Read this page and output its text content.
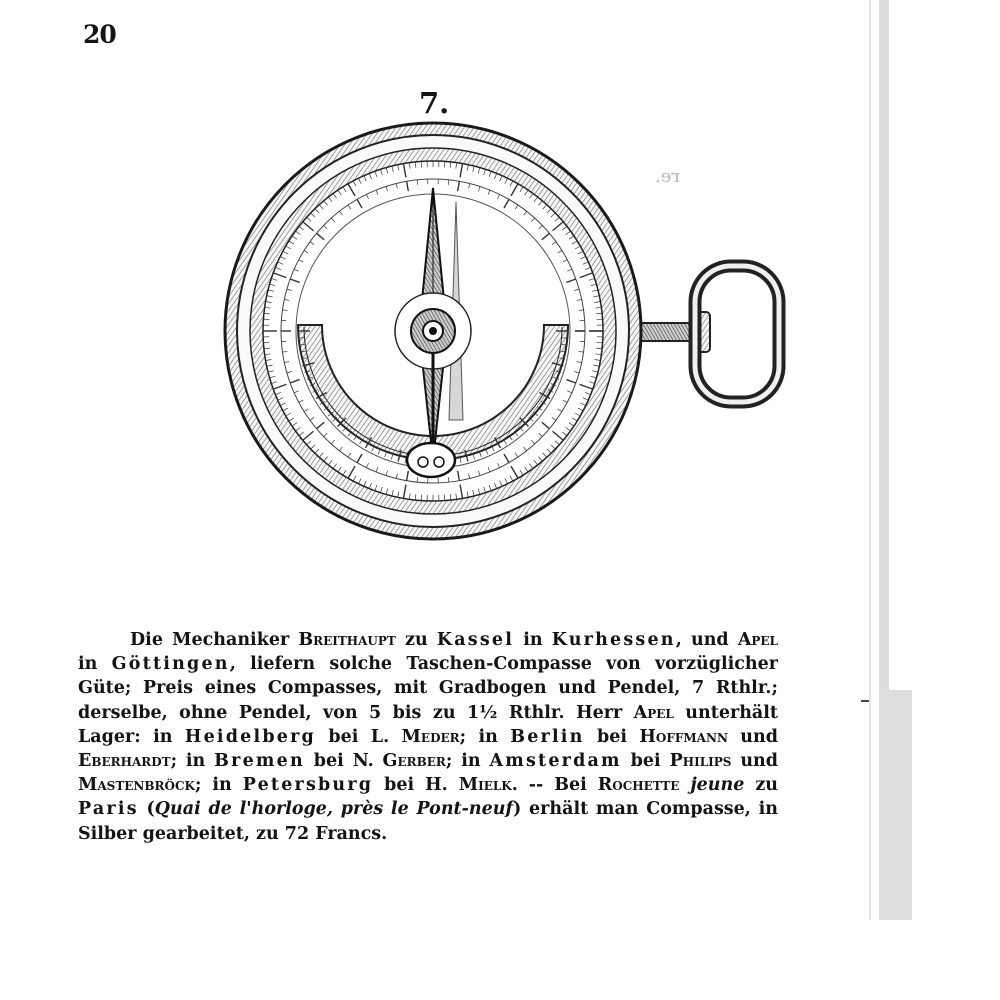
20
7.
re.

Die Mechaniker Breithaupt zu Kassel in Kurhessen, und Apel in Göttingen, liefern solche Taschen-Compasse von vorzüglicher Güte; Preis eines Compasses, mit Gradbogen und Pendel, 7 Rthlr.; derselbe, ohne Pendel, von 5 bis zu 1½ Rthlr. Herr Apel unterhält Lager: in Heidelberg bei L. Meder; in Berlin bei Hoffmann und Eberhardt; in Bremen bei N. Gerber; in Amsterdam bei Philips und Mastenbröck; in Petersburg bei H. Mielk. -- Bei Rochette jeune zu Paris (Quai de l'horloge, près le Pont-neuf) erhält man Compasse, in Silber gearbeitet, zu 72 Francs.
